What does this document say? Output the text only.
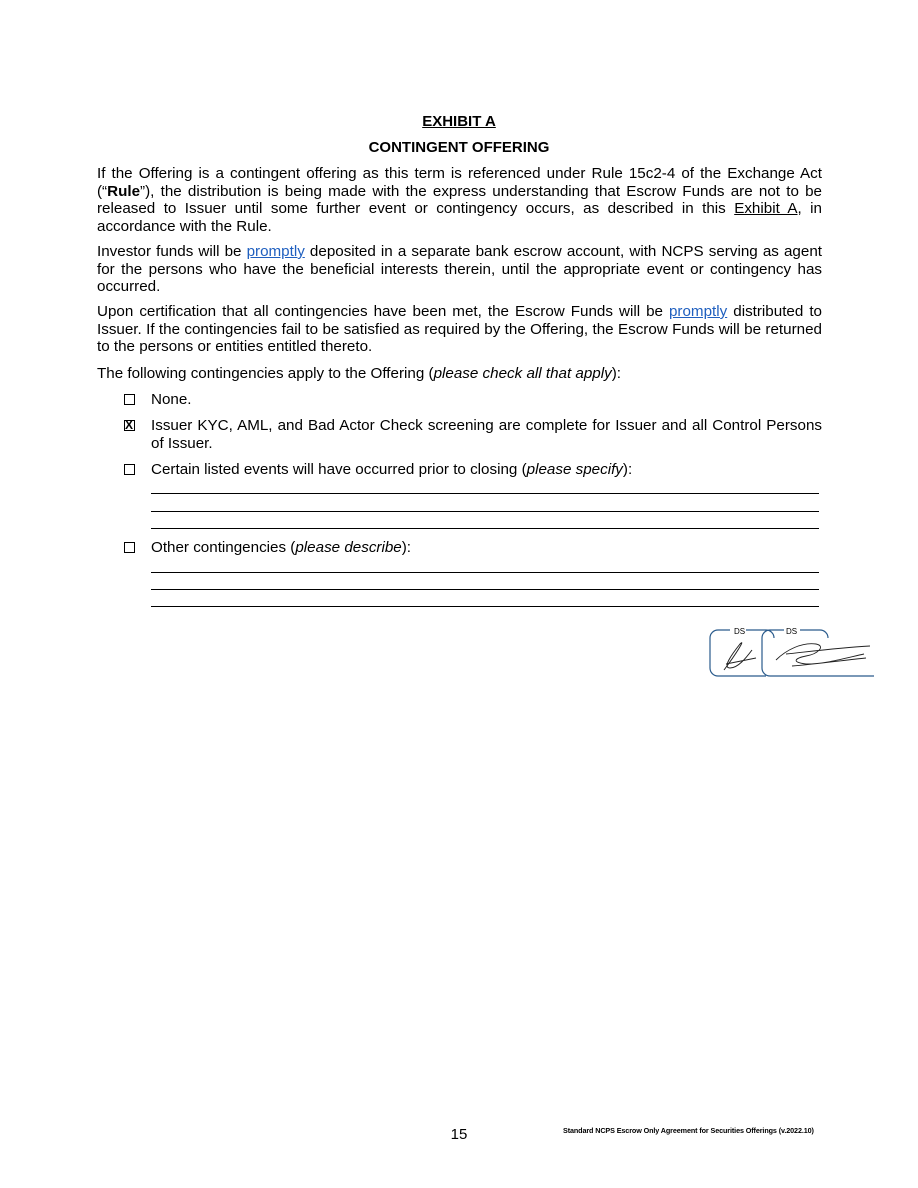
EXHIBIT A
CONTINGENT OFFERING

If the Offering is a contingent offering as this term is referenced under Rule 15c2-4 of the Exchange Act (“Rule”), the distribution is being made with the express understanding that Escrow Funds are not to be released to Issuer until some further event or contingency occurs, as described in this Exhibit A, in accordance with the Rule.

Investor funds will be promptly deposited in a separate bank escrow account, with NCPS serving as agent for the persons who have the beneficial interests therein, until the appropriate event or contingency has occurred.

Upon certification that all contingencies have been met, the Escrow Funds will be promptly distributed to Issuer. If the contingencies fail to be satisfied as required by the Offering, the Escrow Funds will be returned to the persons or entities entitled thereto.

The following contingencies apply to the Offering (please check all that apply):

None.
X Issuer KYC, AML, and Bad Actor Check screening are complete for Issuer and all Control Persons of Issuer.
Certain listed events will have occurred prior to closing (please specify):
Other contingencies (please describe):
DS	DS
15	Standard NCPS Escrow Only Agreement for Securities Offerings (v.2022.10)
